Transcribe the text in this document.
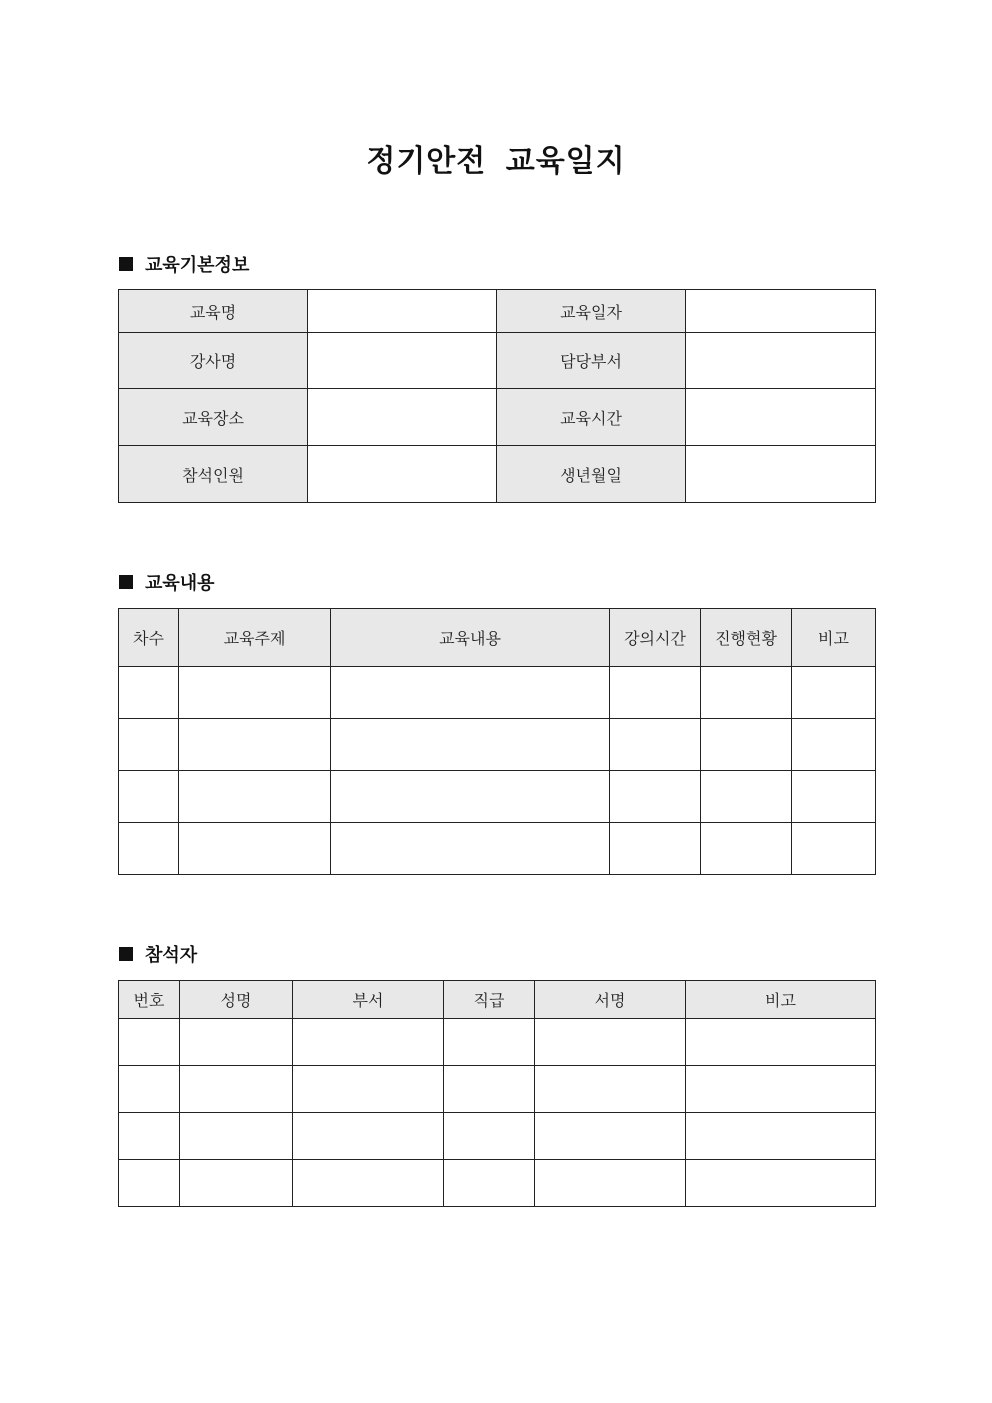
정기안전 교육일지
교육기본정보
교육명		교육일자	
강사명		담당부서	
교육장소		교육시간	
참석인원		생년월일	
교육내용
차수	교육주제	교육내용	강의시간	진행현황	비고

참석자
번호	성명	부서	직급	서명	비고
